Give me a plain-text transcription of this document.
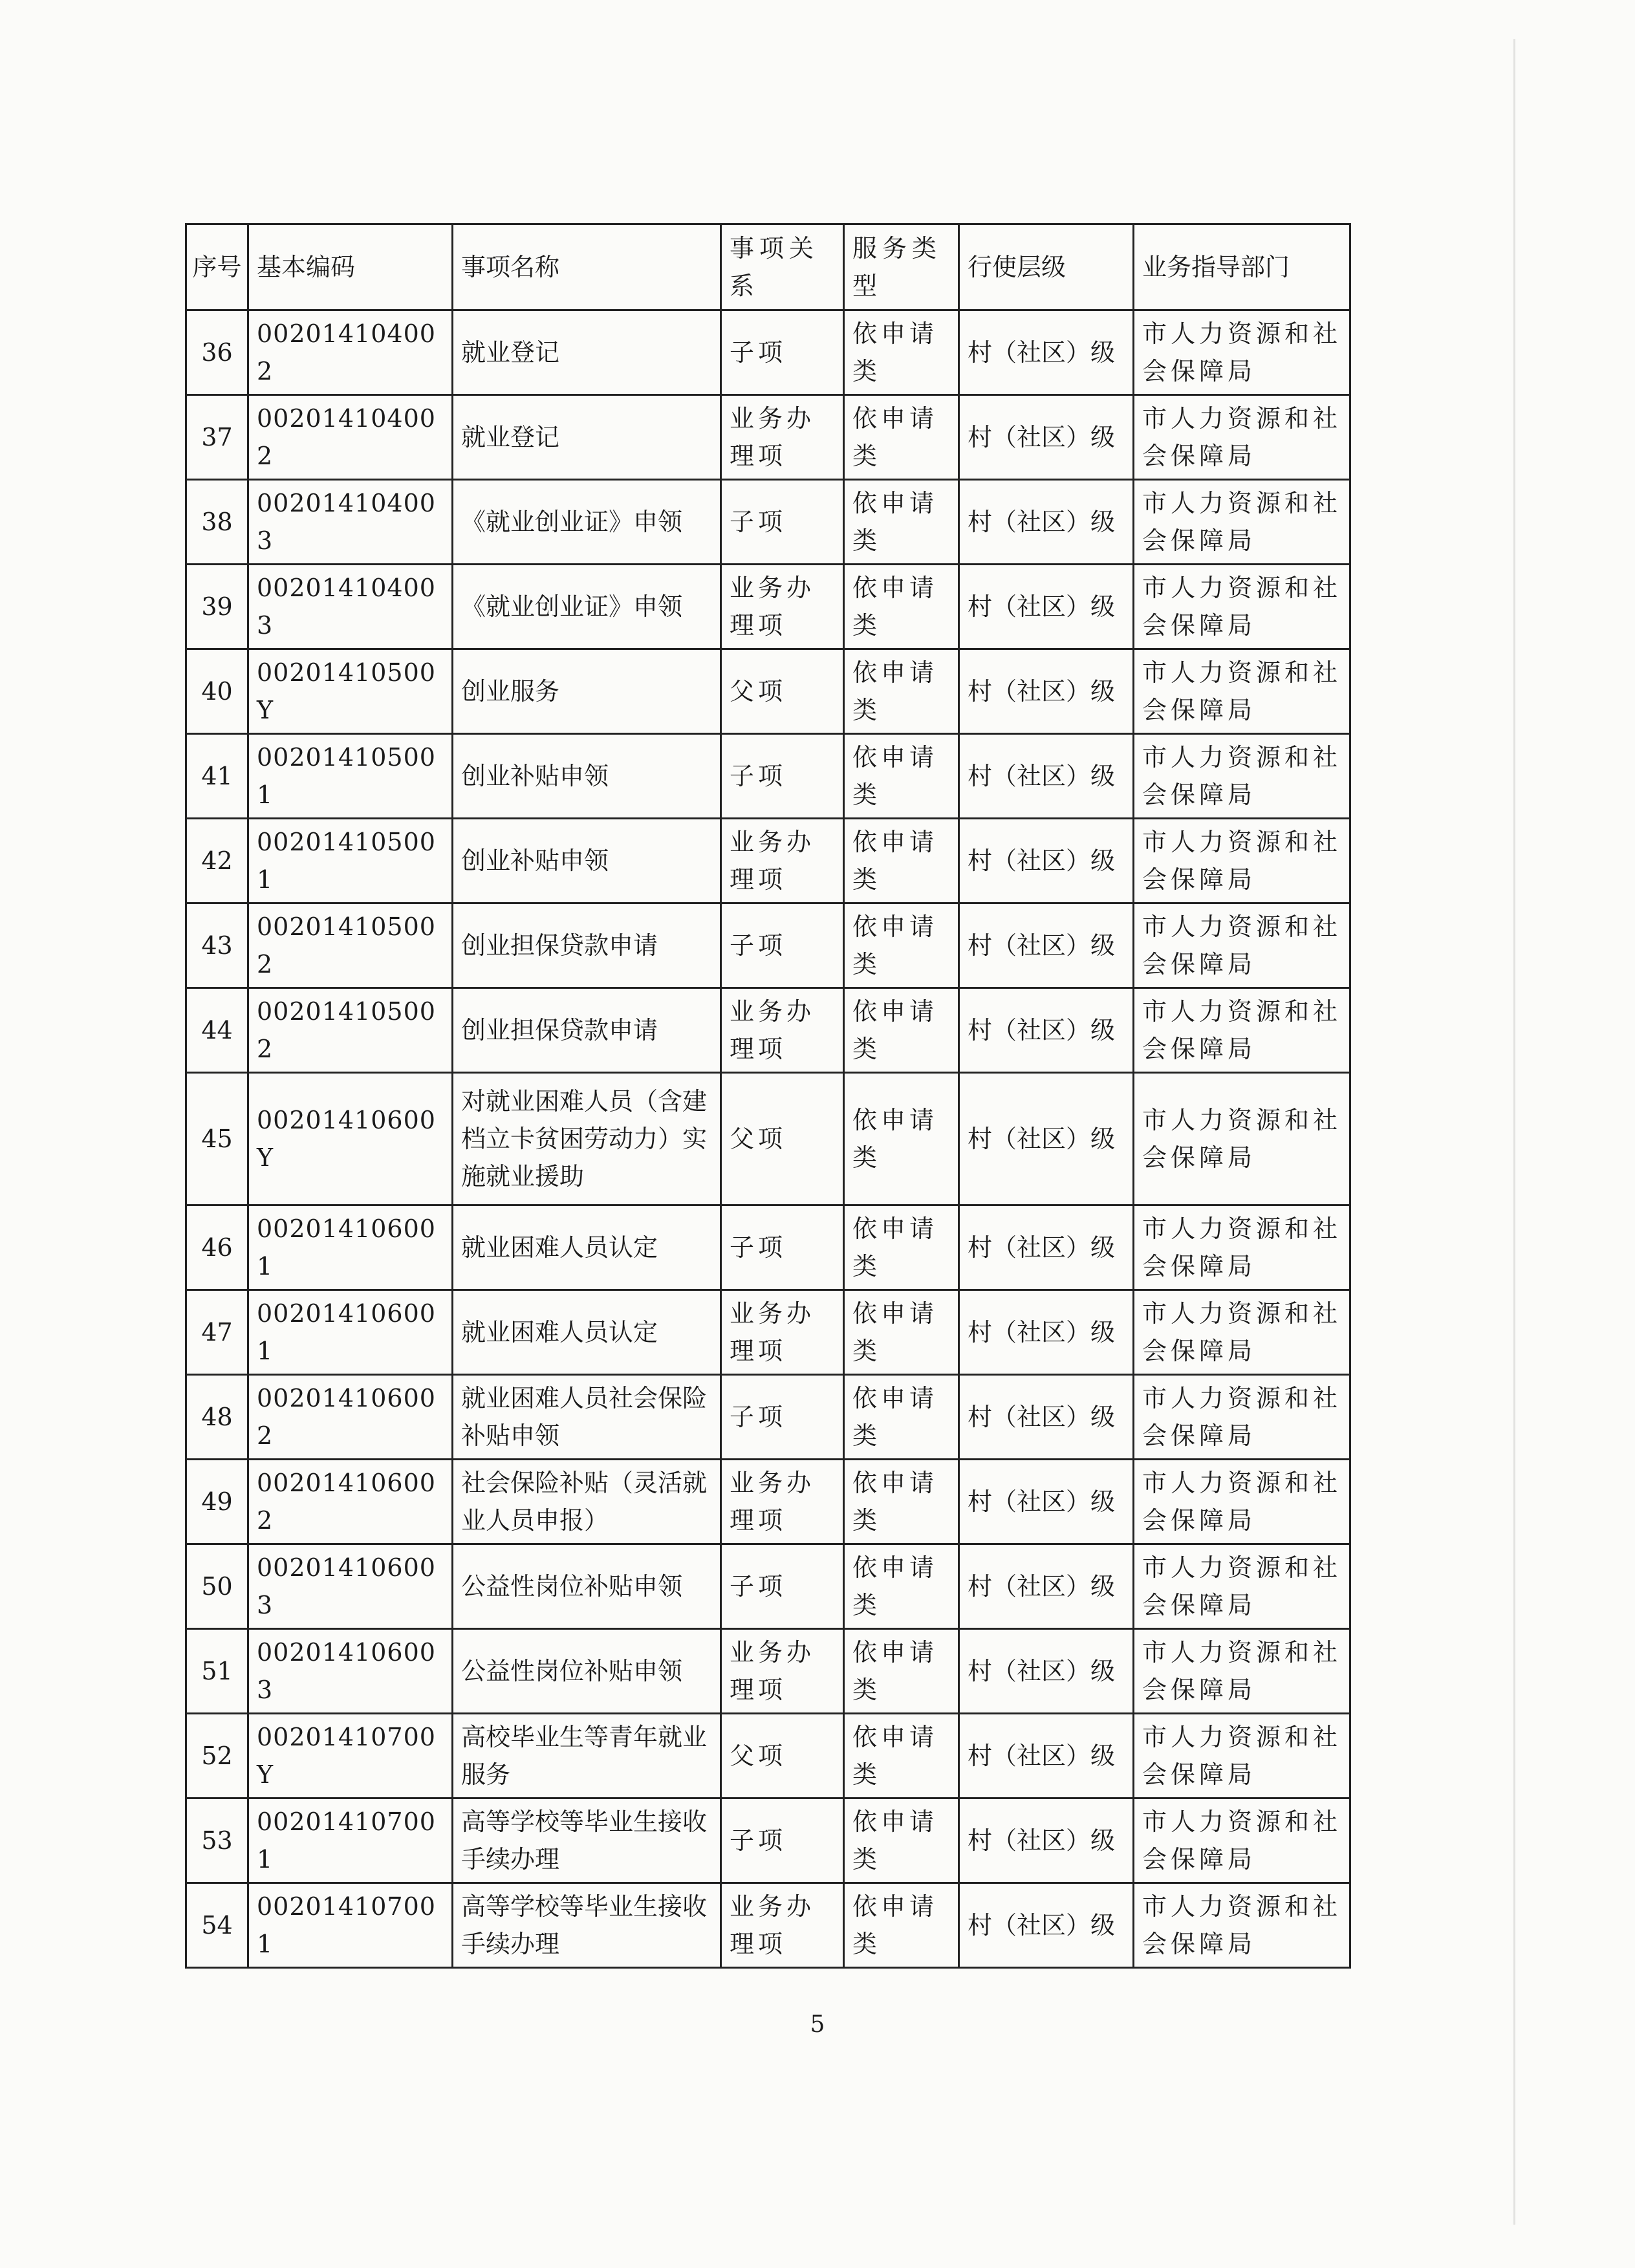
序号	基本编码	事项名称	事项关系	服务类型	行使层级	业务指导部门
36	002014104002	就业登记	子项	依申请类	村（社区）级	市人力资源和社会保障局
37	002014104002	就业登记	业务办理项	依申请类	村（社区）级	市人力资源和社会保障局
38	002014104003	《就业创业证》申领	子项	依申请类	村（社区）级	市人力资源和社会保障局
39	002014104003	《就业创业证》申领	业务办理项	依申请类	村（社区）级	市人力资源和社会保障局
40	00201410500Y	创业服务	父项	依申请类	村（社区）级	市人力资源和社会保障局
41	002014105001	创业补贴申领	子项	依申请类	村（社区）级	市人力资源和社会保障局
42	002014105001	创业补贴申领	业务办理项	依申请类	村（社区）级	市人力资源和社会保障局
43	002014105002	创业担保贷款申请	子项	依申请类	村（社区）级	市人力资源和社会保障局
44	002014105002	创业担保贷款申请	业务办理项	依申请类	村（社区）级	市人力资源和社会保障局
45	00201410600Y	对就业困难人员（含建档立卡贫困劳动力）实施就业援助	父项	依申请类	村（社区）级	市人力资源和社会保障局
46	002014106001	就业困难人员认定	子项	依申请类	村（社区）级	市人力资源和社会保障局
47	002014106001	就业困难人员认定	业务办理项	依申请类	村（社区）级	市人力资源和社会保障局
48	002014106002	就业困难人员社会保险补贴申领	子项	依申请类	村（社区）级	市人力资源和社会保障局
49	002014106002	社会保险补贴（灵活就业人员申报）	业务办理项	依申请类	村（社区）级	市人力资源和社会保障局
50	002014106003	公益性岗位补贴申领	子项	依申请类	村（社区）级	市人力资源和社会保障局
51	002014106003	公益性岗位补贴申领	业务办理项	依申请类	村（社区）级	市人力资源和社会保障局
52	00201410700Y	高校毕业生等青年就业服务	父项	依申请类	村（社区）级	市人力资源和社会保障局
53	002014107001	高等学校等毕业生接收手续办理	子项	依申请类	村（社区）级	市人力资源和社会保障局
54	002014107001	高等学校等毕业生接收手续办理	业务办理项	依申请类	村（社区）级	市人力资源和社会保障局
5
